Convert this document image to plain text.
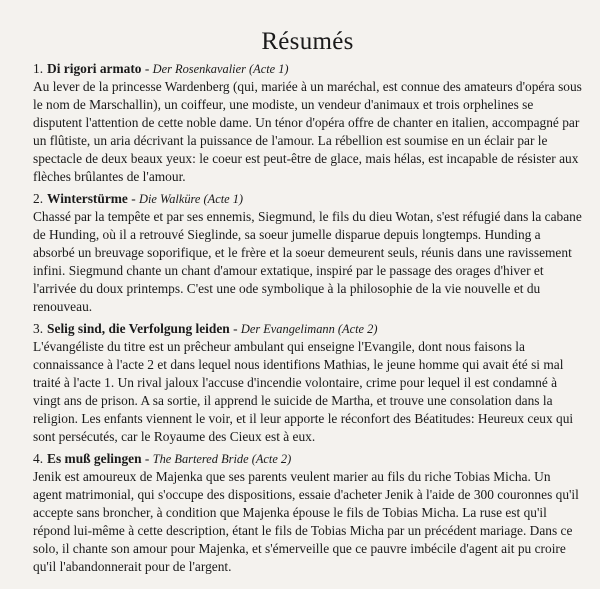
Résumés
1. Di rigori armato - Der Rosenkavalier (Acte 1)
Au lever de la princesse Wardenberg (qui, mariée à un maréchal, est connue des amateurs d'opéra sous le nom de Marschallin), un coiffeur, une modiste, un vendeur d'animaux et trois orphelines se disputent l'attention de cette noble dame. Un ténor d'opéra offre de chanter en italien, accompagné par un flûtiste, un aria décrivant la puissance de l'amour. La rébellion est soumise en un éclair par le spectacle de deux beaux yeux: le coeur est peut-être de glace, mais hélas, est incapable de résister aux flèches brûlantes de l'amour.
2. Winterstürme - Die Walküre (Acte 1)
Chassé par la tempête et par ses ennemis, Siegmund, le fils du dieu Wotan, s'est réfugié dans la cabane de Hunding, où il a retrouvé Sieglinde, sa soeur jumelle disparue depuis longtemps. Hunding a absorbé un breuvage soporifique, et le frère et la soeur demeurent seuls, réunis dans une ravissement infini. Siegmund chante un chant d'amour extatique, inspiré par le passage des orages d'hiver et l'arrivée du doux printemps. C'est une ode symbolique à la philosophie de la vie nouvelle et du renouveau.
3. Selig sind, die Verfolgung leiden - Der Evangelimann (Acte 2)
L'évangéliste du titre est un prêcheur ambulant qui enseigne l'Evangile, dont nous faisons la connaissance à l'acte 2 et dans lequel nous identifions Mathias, le jeune homme qui avait été si mal traité à l'acte 1. Un rival jaloux l'accuse d'incendie volontaire, crime pour lequel il est condamné à vingt ans de prison. A sa sortie, il apprend le suicide de Martha, et trouve une consolation dans la religion. Les enfants viennent le voir, et il leur apporte le réconfort des Béatitudes: Heureux ceux qui sont persécutés, car le Royaume des Cieux est à eux.
4. Es muß gelingen - The Bartered Bride (Acte 2)
Jenik est amoureux de Majenka que ses parents veulent marier au fils du riche Tobias Micha. Un agent matrimonial, qui s'occupe des dispositions, essaie d'acheter Jenik à l'aide de 300 couronnes qu'il accepte sans broncher, à condition que Majenka épouse le fils de Tobias Micha. La ruse est qu'il répond lui-même à cette description, étant le fils de Tobias Micha par un précédent mariage. Dans ce solo, il chante son amour pour Majenka, et s'émerveille que ce pauvre imbécile d'agent ait pu croire qu'il l'abandonnerait pour de l'argent.
